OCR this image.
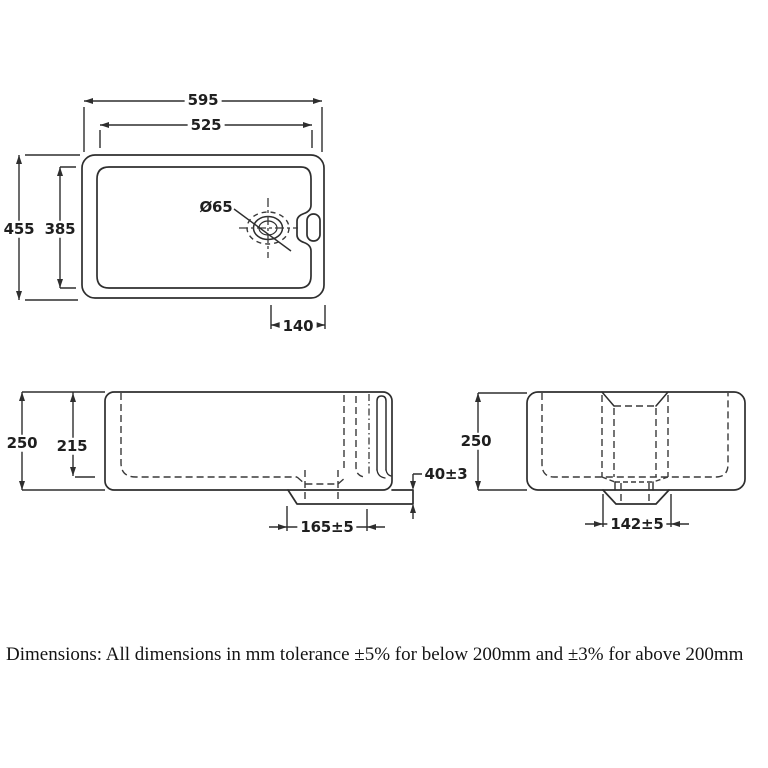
595
525
455 385
Ø65
140
250 215
40±3
165±5
250
142±5
Dimensions: All dimensions in mm tolerance ±5% for below 200mm and ±3% for above 200mm
